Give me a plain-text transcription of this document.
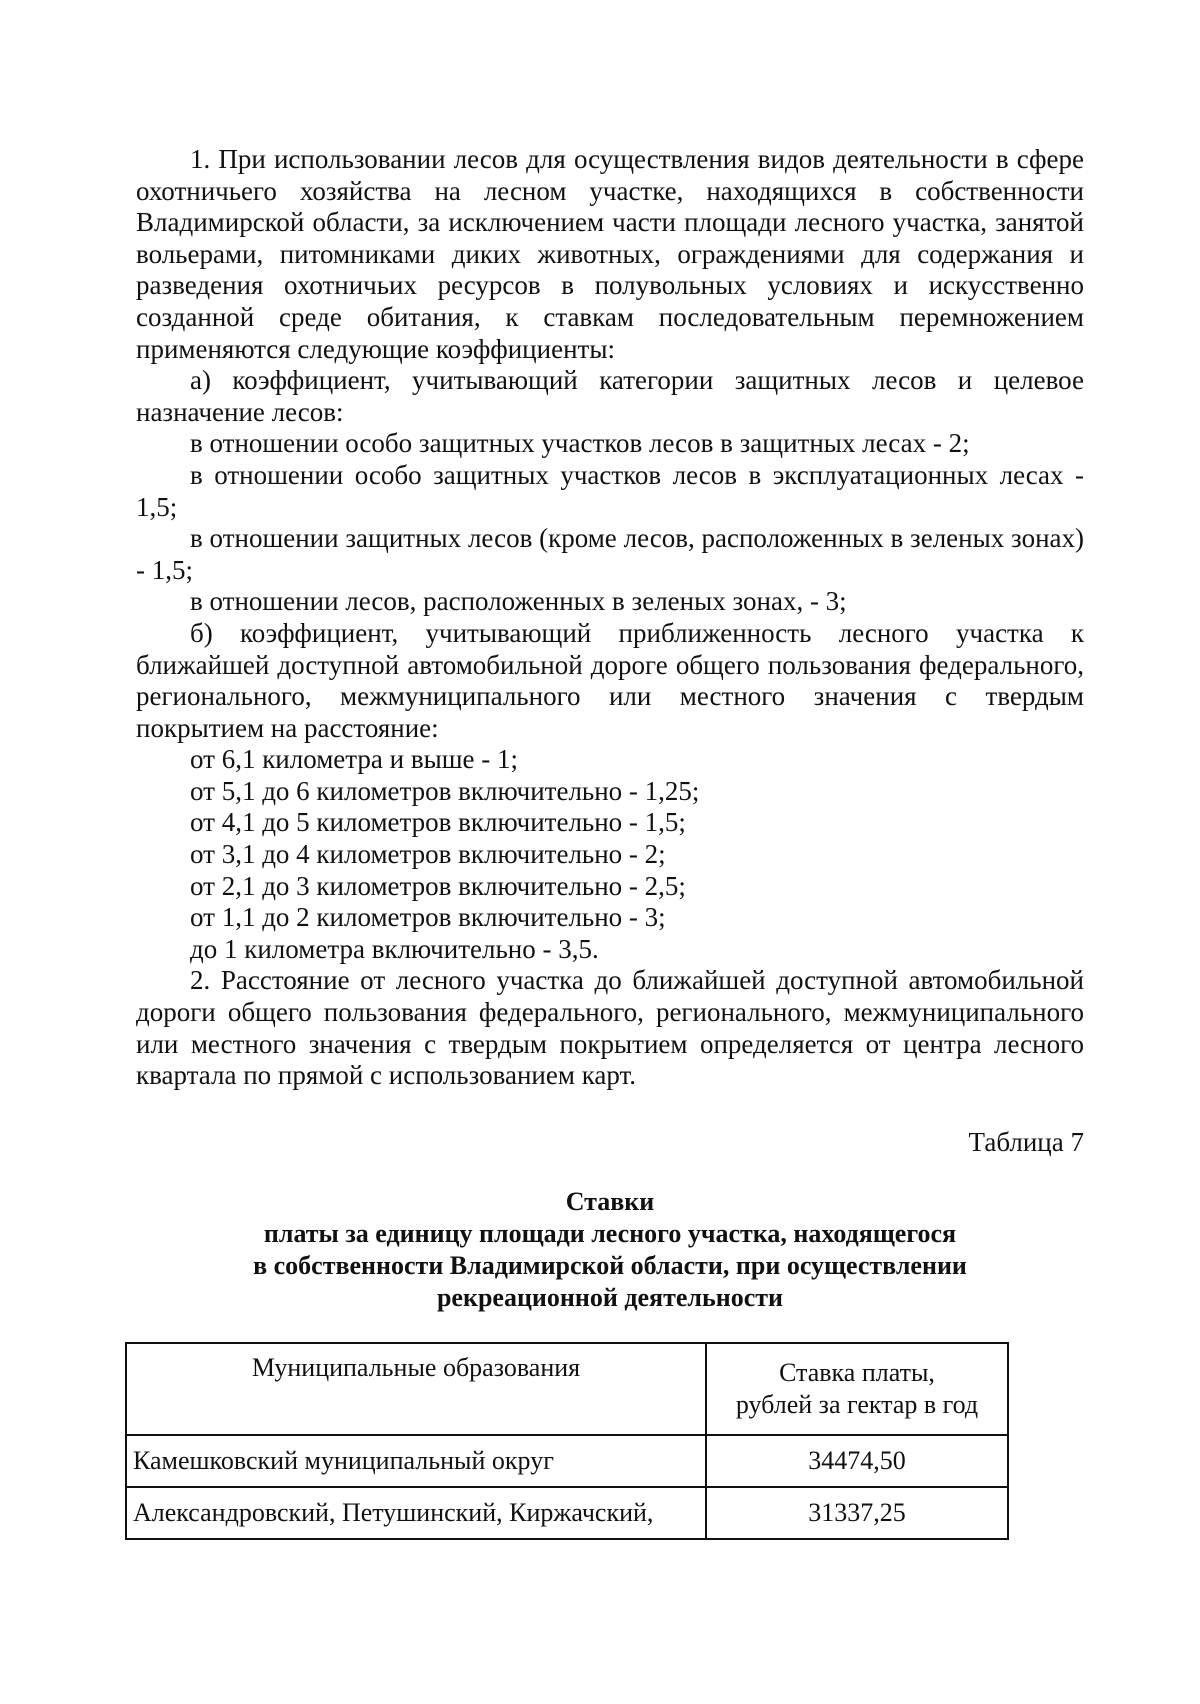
1. При использовании лесов для осуществления видов деятельности в сфере охотничьего хозяйства на лесном участке, находящихся в собственности Владимирской области, за исключением части площади лесного участка, занятой вольерами, питомниками диких животных, ограждениями для содержания и разведения охотничьих ресурсов в полувольных условиях и искусственно созданной среде обитания, к ставкам последовательным перемножением применяются следующие коэффициенты:

а) коэффициент, учитывающий категории защитных лесов и целевое назначение лесов:

в отношении особо защитных участков лесов в защитных лесах - 2;

в отношении особо защитных участков лесов в эксплуатационных лесах - 1,5;

в отношении защитных лесов (кроме лесов, расположенных в зеленых зонах) - 1,5;

в отношении лесов, расположенных в зеленых зонах, - 3;

б) коэффициент, учитывающий приближенность лесного участка к ближайшей доступной автомобильной дороге общего пользования федерального, регионального, межмуниципального или местного значения с твердым покрытием на расстояние:

от 6,1 километра и выше - 1;

от 5,1 до 6 километров включительно - 1,25;

от 4,1 до 5 километров включительно - 1,5;

от 3,1 до 4 километров включительно - 2;

от 2,1 до 3 километров включительно - 2,5;

от 1,1 до 2 километров включительно - 3;

до 1 километра включительно - 3,5.

2. Расстояние от лесного участка до ближайшей доступной автомобильной дороги общего пользования федерального, регионального, межмуниципального или местного значения с твердым покрытием определяется от центра лесного квартала по прямой с использованием карт.

Таблица 7
Ставки
платы за единицу площади лесного участка, находящегося
в собственности Владимирской области, при осуществлении
рекреационной деятельности
Муниципальные образования	Ставка платы,
рублей за гектар в год

Камешковский муниципальный округ	34474,50
Александровский, Петушинский, Киржачский,	31337,25
